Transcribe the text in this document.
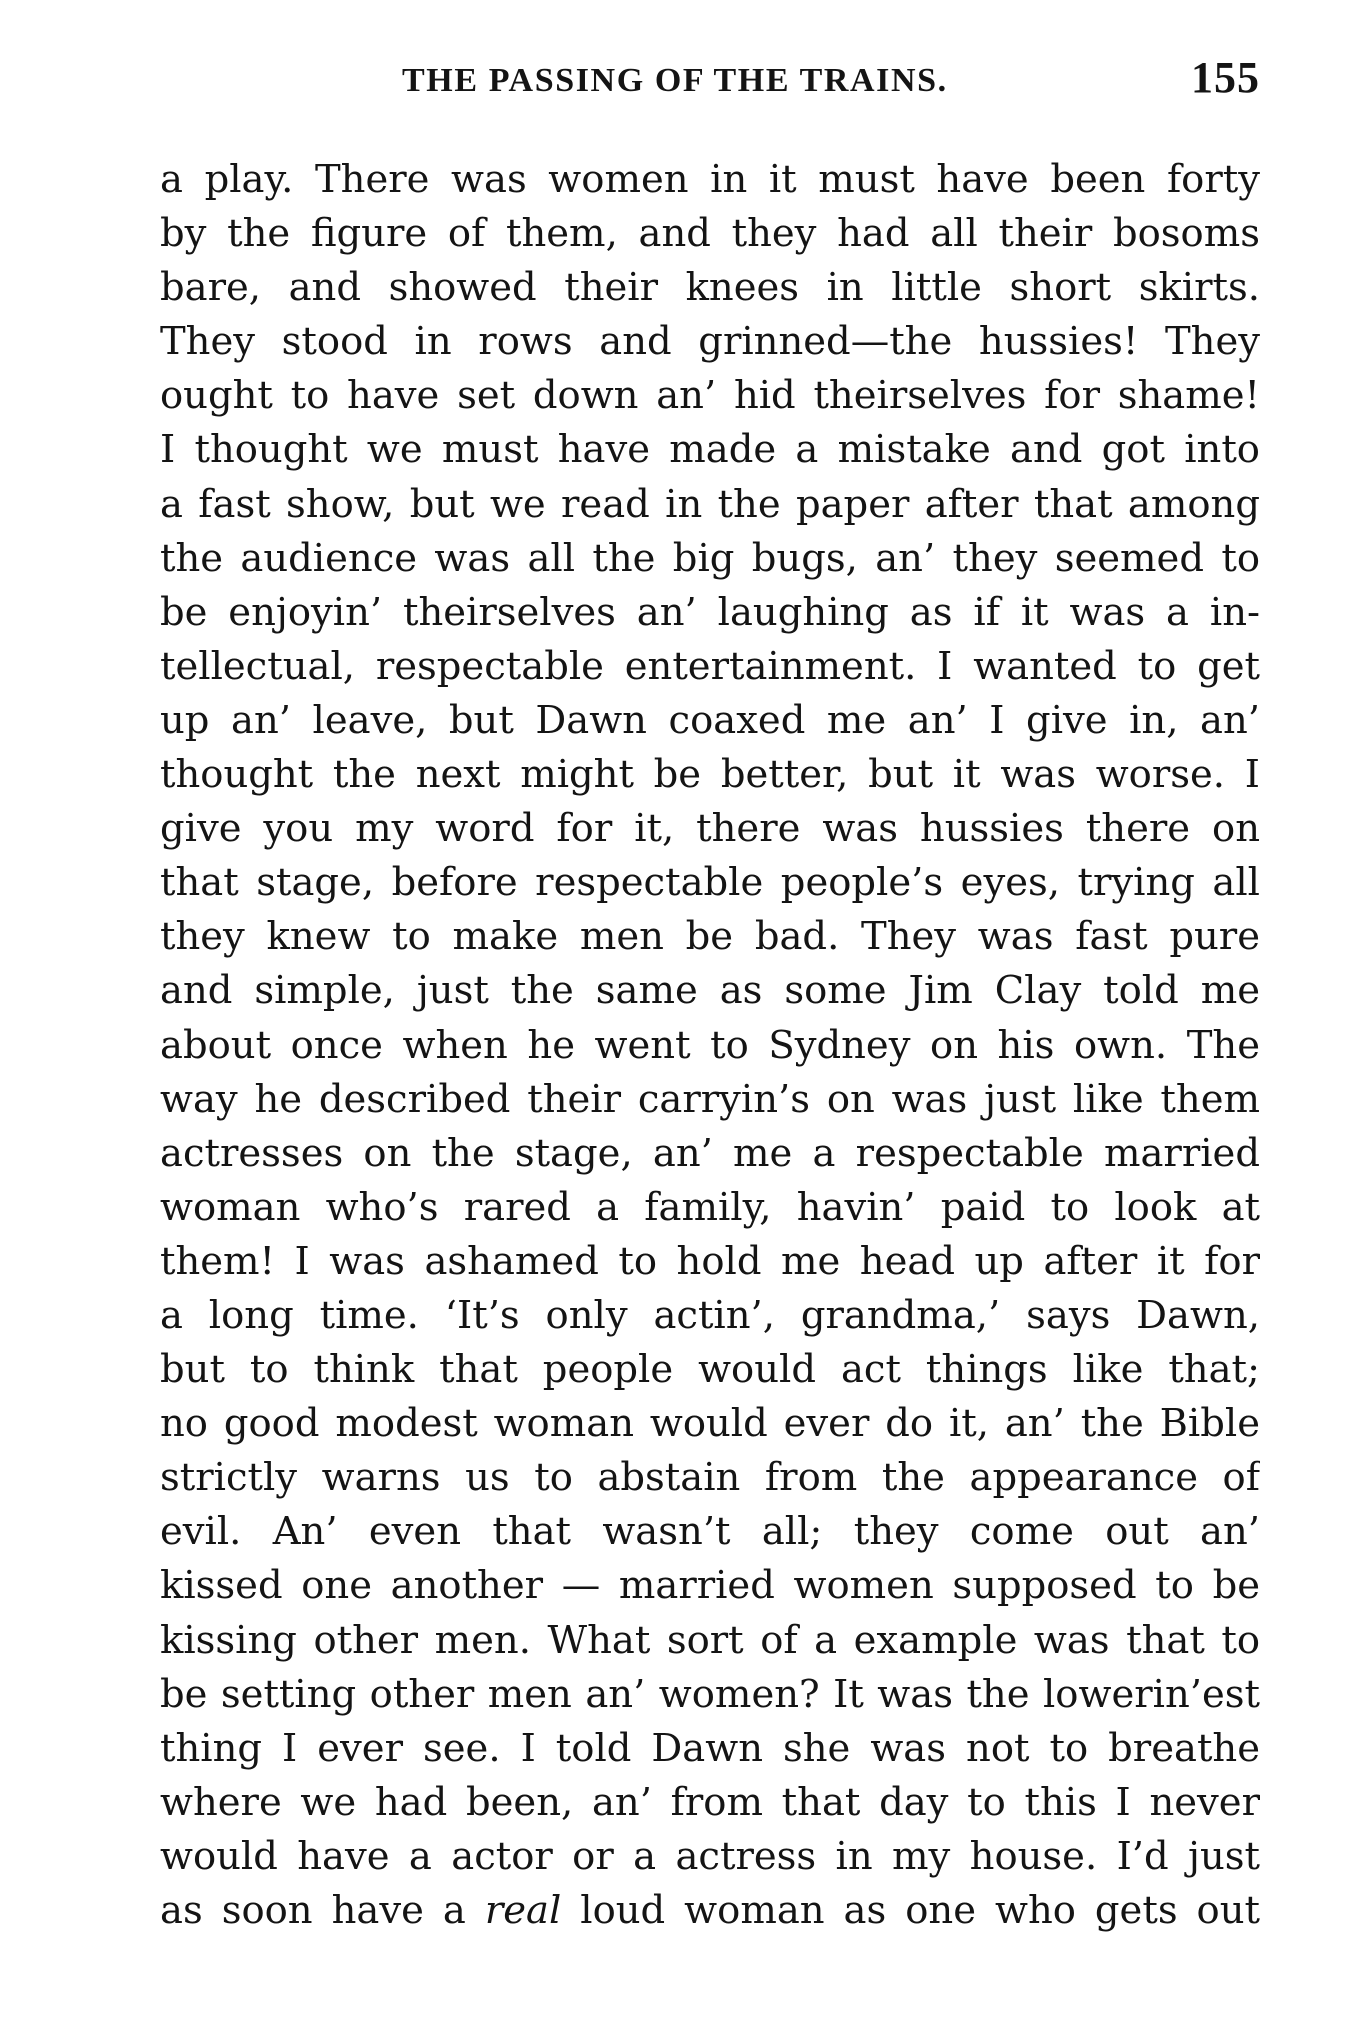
THE PASSING OF THE TRAINS.	155
a play. There was women in it must have been forty
by the figure of them, and they had all their bosoms
bare, and showed their knees in little short skirts.
They stood in rows and grinned—the hussies! They
ought to have set down an’ hid theirselves for shame!
I thought we must have made a mistake and got into
a fast show, but we read in the paper after that among
the audience was all the big bugs, an’ they seemed to
be enjoyin’ theirselves an’ laughing as if it was a in-
tellectual, respectable entertainment. I wanted to get
up an’ leave, but Dawn coaxed me an’ I give in, an’
thought the next might be better, but it was worse. I
give you my word for it, there was hussies there on
that stage, before respectable people’s eyes, trying all
they knew to make men be bad. They was fast pure
and simple, just the same as some Jim Clay told me
about once when he went to Sydney on his own. The
way he described their carryin’s on was just like them
actresses on the stage, an’ me a respectable married
woman who’s rared a family, havin’ paid to look at
them! I was ashamed to hold me head up after it for
a long time. ‘It’s only actin’, grandma,’ says Dawn,
but to think that people would act things like that;
no good modest woman would ever do it, an’ the Bible
strictly warns us to abstain from the appearance of
evil. An’ even that wasn’t all; they come out an’
kissed one another — married women supposed to be
kissing other men. What sort of a example was that to
be setting other men an’ women? It was the lowerin’est
thing I ever see. I told Dawn she was not to breathe
where we had been, an’ from that day to this I never
would have a actor or a actress in my house. I’d just
as soon have a real loud woman as one who gets out
